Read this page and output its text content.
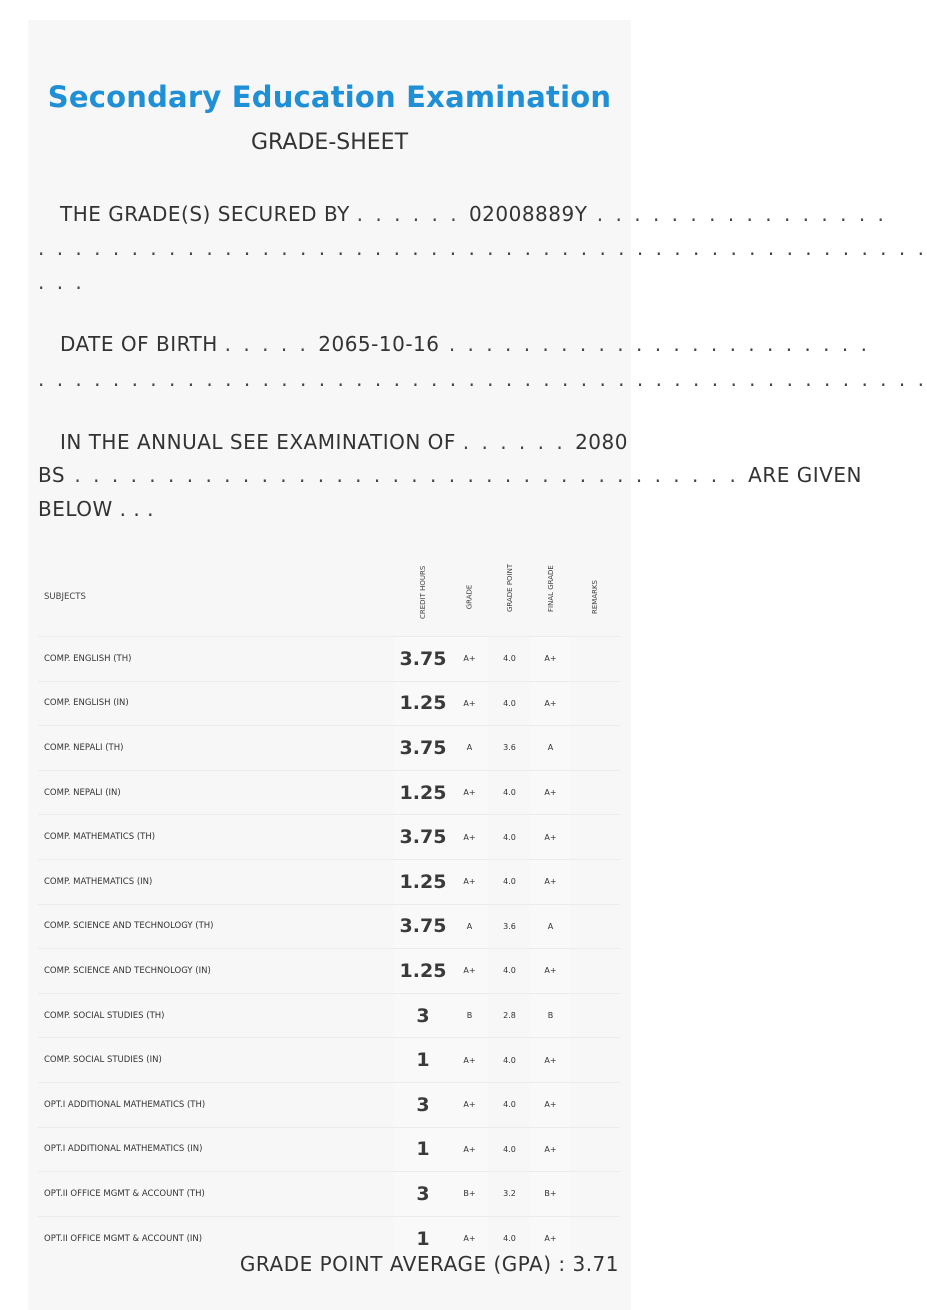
Secondary Education Examination
GRADE-SHEET
THE GRADE(S) SECURED BY . . . . . . 02008889Y . . . . . . . . . . . . . . . .
. . . . . . . . . . . . . . . . . . . . . . . . . . . . . . . . . . . . . . . . . . . . . . . .
. . .
DATE OF BIRTH . . . . . 2065-10-16 . . . . . . . . . . . . . . . . . . . . . . .
. . . . . . . . . . . . . . . . . . . . . . . . . . . . . . . . . . . . . . . . . . . . . . . .
IN THE ANNUAL SEE EXAMINATION OF . . . . . . 2080
BS . . . . . . . . . . . . . . . . . . . . . . . . . . . . . . . . . . . . ARE GIVEN
BELOW . . .
SUBJECTS	CREDIT HOURS	GRADE	GRADE POINT	FINAL GRADE	REMARKS
COMP. ENGLISH (TH)	3.75	A+	4.0	A+	
COMP. ENGLISH (IN)	1.25	A+	4.0	A+	
COMP. NEPALI (TH)	3.75	A	3.6	A	
COMP. NEPALI (IN)	1.25	A+	4.0	A+	
COMP. MATHEMATICS (TH)	3.75	A+	4.0	A+	
COMP. MATHEMATICS (IN)	1.25	A+	4.0	A+	
COMP. SCIENCE AND TECHNOLOGY (TH)	3.75	A	3.6	A	
COMP. SCIENCE AND TECHNOLOGY (IN)	1.25	A+	4.0	A+	
COMP. SOCIAL STUDIES (TH)	3	B	2.8	B	
COMP. SOCIAL STUDIES (IN)	1	A+	4.0	A+	
OPT.I ADDITIONAL MATHEMATICS (TH)	3	A+	4.0	A+	
OPT.I ADDITIONAL MATHEMATICS (IN)	1	A+	4.0	A+	
OPT.II OFFICE MGMT & ACCOUNT (TH)	3	B+	3.2	B+	
OPT.II OFFICE MGMT & ACCOUNT (IN)	1	A+	4.0	A+	
GRADE POINT AVERAGE (GPA) : 3.71
